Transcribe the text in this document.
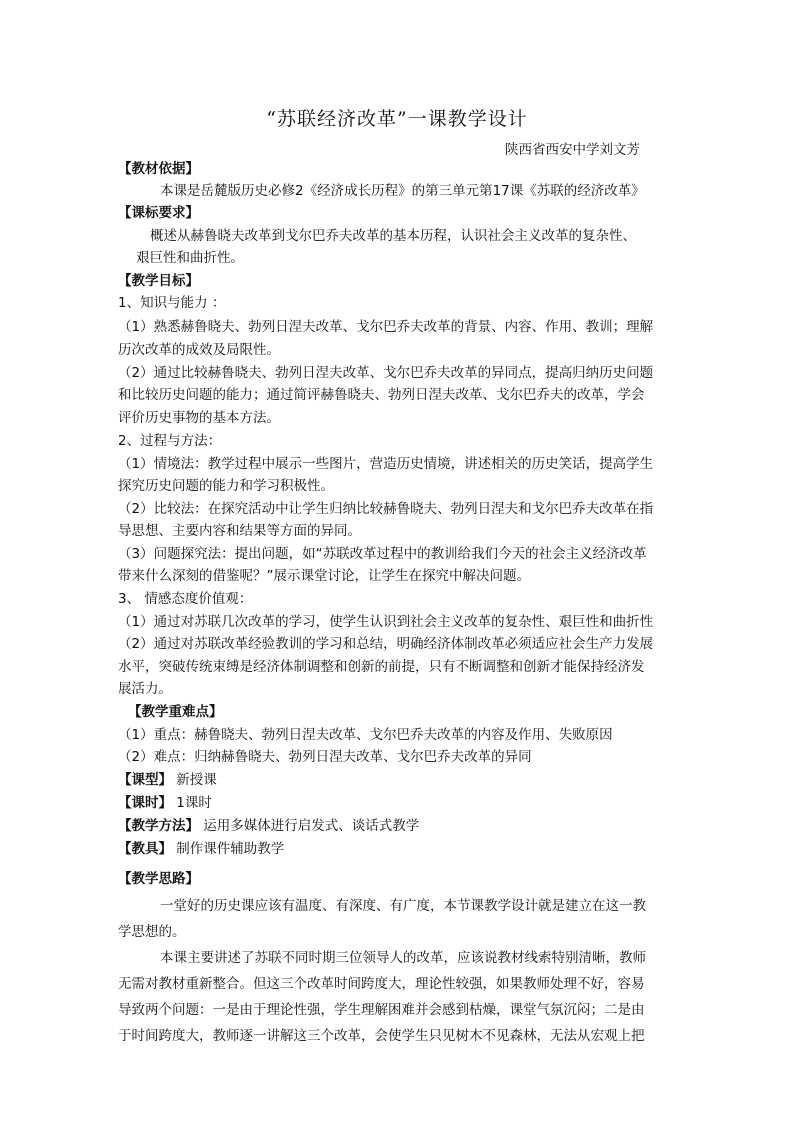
“苏联经济改革”一课教学设计
陕西省西安中学刘文芳
【教材依据】
本课是岳麓版历史必修2《经济成长历程》的第三单元第17课《苏联的经济改革》
【课标要求】
概述从赫鲁晓夫改革到戈尔巴乔夫改革的基本历程，认识社会主义改革的复杂性、
艰巨性和曲折性。
【教学目标】
1、知识与能力 ：
（1）熟悉赫鲁晓夫、勃列日涅夫改革、戈尔巴乔夫改革的背景、内容、作用、教训；理解
历次改革的成效及局限性。
（2）通过比较赫鲁晓夫、勃列日涅夫改革、戈尔巴乔夫改革的异同点，提高归纳历史问题
和比较历史问题的能力；通过简评赫鲁晓夫、勃列日涅夫改革、戈尔巴乔夫的改革，学会
评价历史事物的基本方法。
2、过程与方法：
（1）情境法：教学过程中展示一些图片，营造历史情境，讲述相关的历史笑话，提高学生
探究历史问题的能力和学习积极性。
（2）比较法：在探究活动中让学生归纳比较赫鲁晓夫、勃列日涅夫和戈尔巴乔夫改革在指
导思想、主要内容和结果等方面的异同。
（3）问题探究法：提出问题，如“苏联改革过程中的教训给我们今天的社会主义经济改革
带来什么深刻的借鉴呢？”展示课堂讨论，让学生在探究中解决问题。
3、 情感态度价值观：
（1）通过对苏联几次改革的学习，使学生认识到社会主义改革的复杂性、艰巨性和曲折性
（2）通过对苏联改革经验教训的学习和总结，明确经济体制改革必须适应社会生产力发展
水平，突破传统束缚是经济体制调整和创新的前提，只有不断调整和创新才能保持经济发
展活力。
【教学重难点】
（1）重点：赫鲁晓夫、勃列日涅夫改革、戈尔巴乔夫改革的内容及作用、失败原因
（2）难点：归纳赫鲁晓夫、勃列日涅夫改革、戈尔巴乔夫改革的异同
【课型】 新授课
【课时】 1课时
【教学方法】 运用多媒体进行启发式、谈话式教学
【教具】 制作课件辅助教学
【教学思路】
一堂好的历史课应该有温度、有深度、有广度，本节课教学设计就是建立在这一教
学思想的。
本课主要讲述了苏联不同时期三位领导人的改革，应该说教材线索特别清晰，教师
无需对教材重新整合。但这三个改革时间跨度大，理论性较强，如果教师处理不好，容易
导致两个问题：一是由于理论性强，学生理解困难并会感到枯燥，课堂气氛沉闷；二是由
于时间跨度大，教师逐一讲解这三个改革，会使学生只见树木不见森林，无法从宏观上把
